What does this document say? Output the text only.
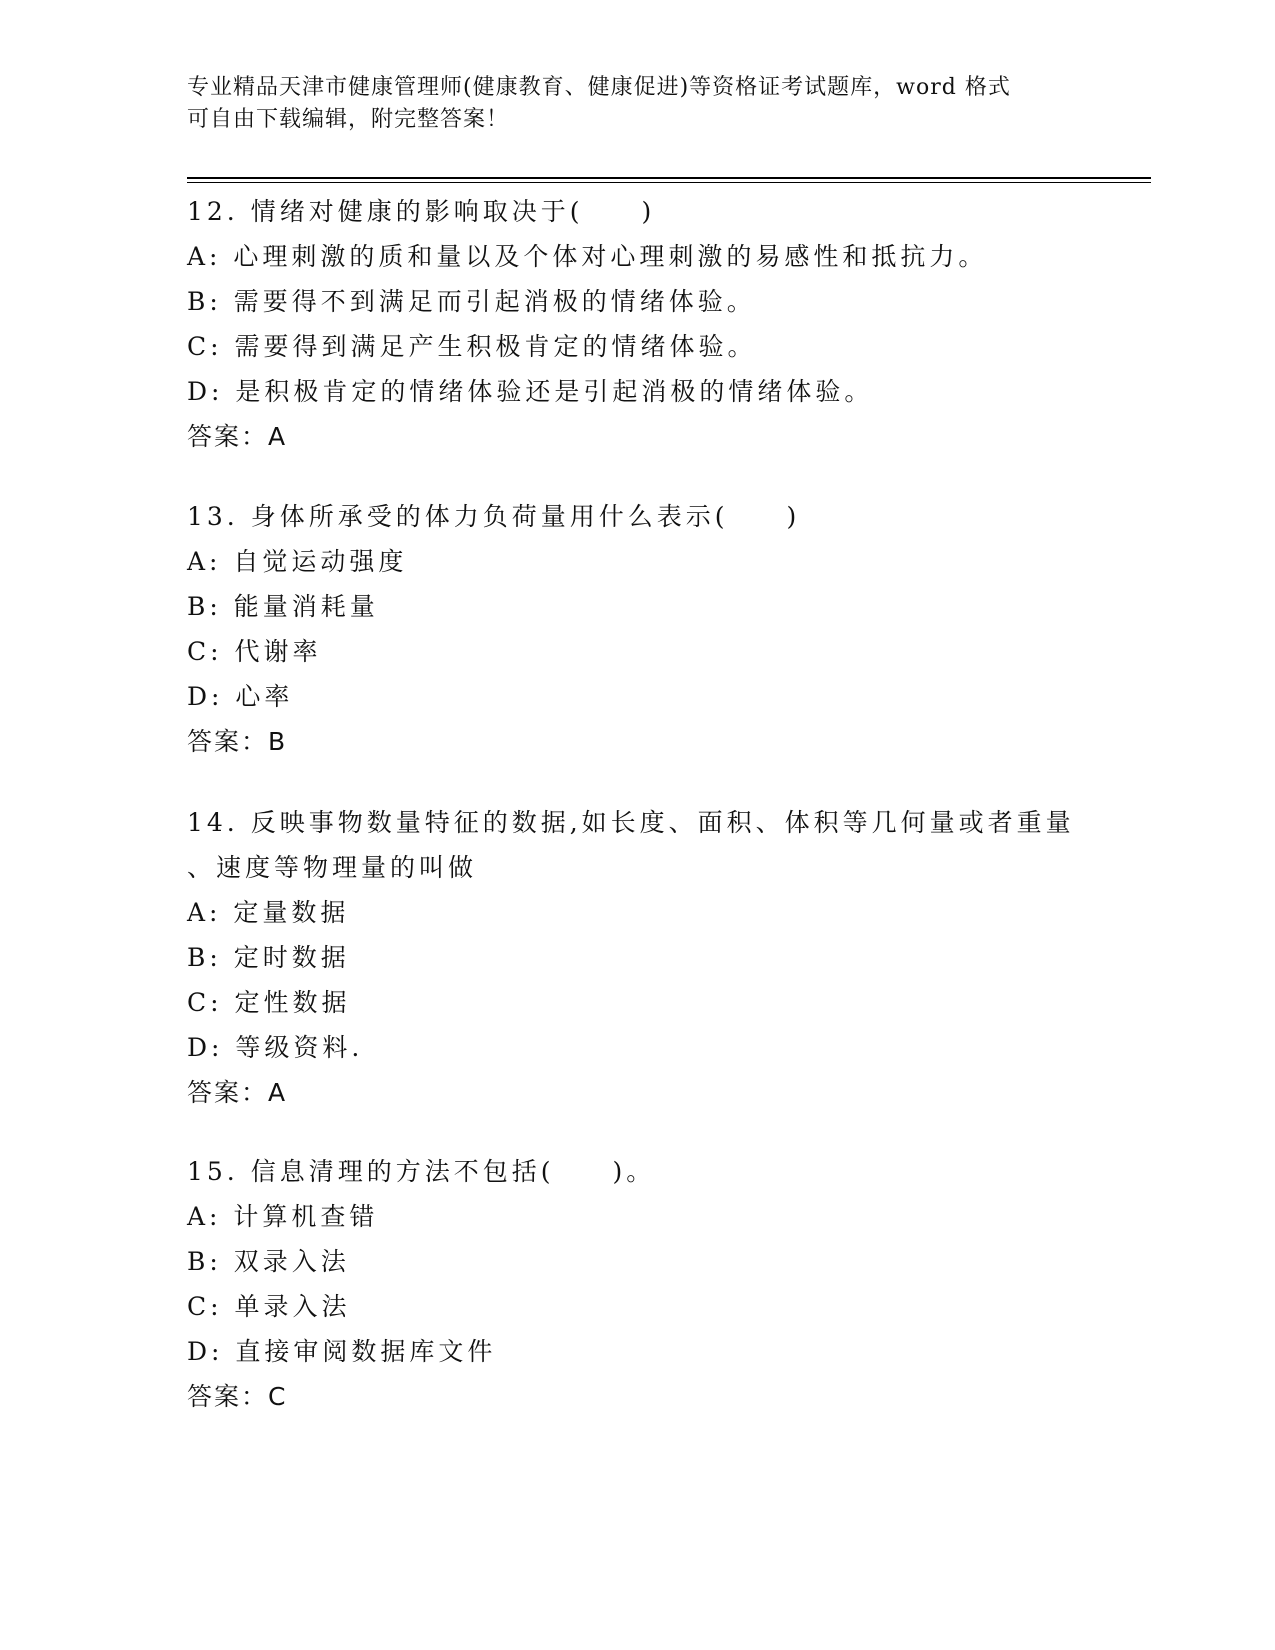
专业精品天津市健康管理师(健康教育、健康促进)等资格证考试题库，word 格式
可自由下载编辑，附完整答案！
12. 情绪对健康的影响取决于(　　)
A: 心理刺激的质和量以及个体对心理刺激的易感性和抵抗力。
B: 需要得不到满足而引起消极的情绪体验。
C: 需要得到满足产生积极肯定的情绪体验。
D: 是积极肯定的情绪体验还是引起消极的情绪体验。
答案：A
13. 身体所承受的体力负荷量用什么表示(　　)
A: 自觉运动强度
B: 能量消耗量
C: 代谢率
D: 心率
答案：B
14. 反映事物数量特征的数据,如长度、面积、体积等几何量或者重量
、速度等物理量的叫做
A: 定量数据
B: 定时数据
C: 定性数据
D: 等级资料.
答案：A
15. 信息清理的方法不包括(　　)。
A: 计算机查错
B: 双录入法
C: 单录入法
D: 直接审阅数据库文件
答案：C
